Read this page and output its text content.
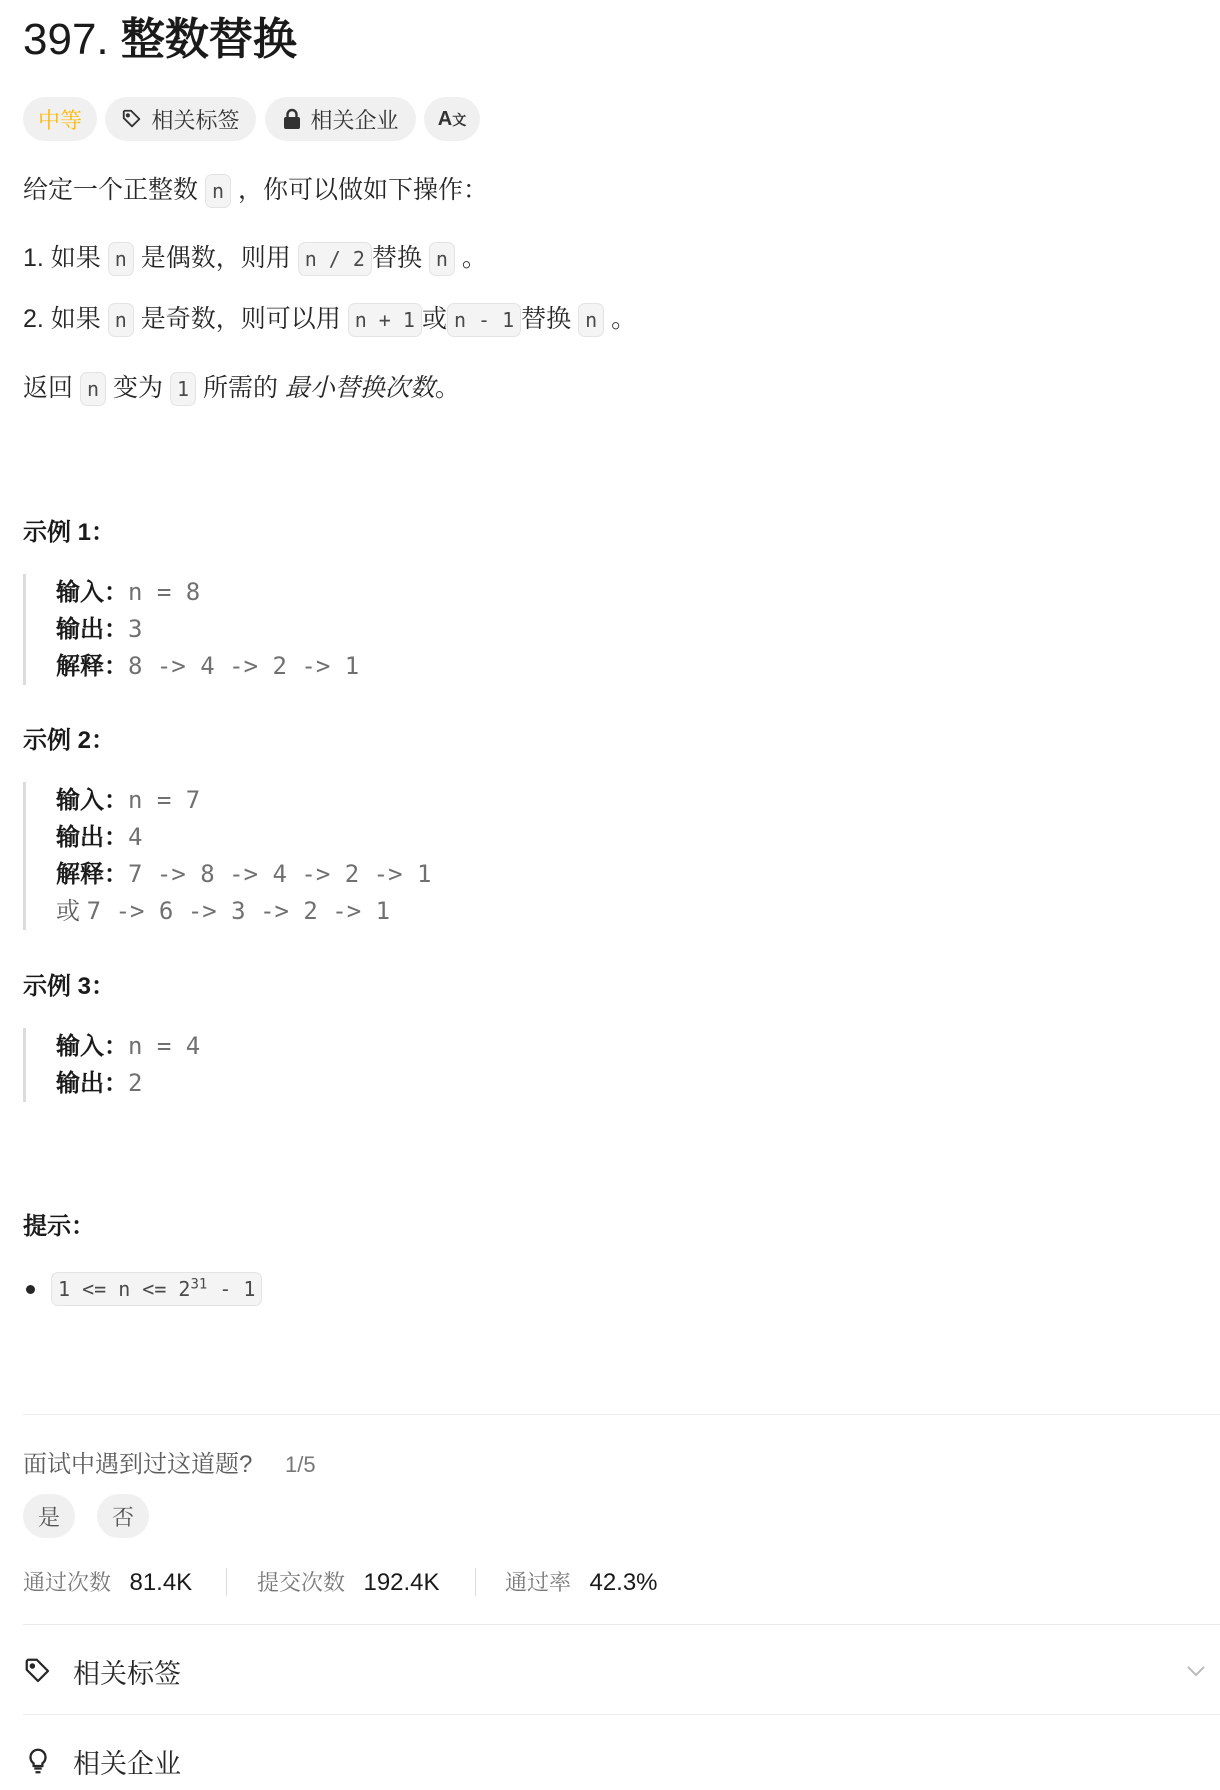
397. 整数替换
中等	相关标签	相关企业 A文
给定一个正整数 n ，你可以做如下操作：
1. 如果 n 是偶数，则用 n / 2 替换 n 。
2. 如果 n 是奇数，则可以用 n + 1 或 n - 1 替换 n 。
返回 n 变为 1 所需的 最小替换次数。
示例 1：
输入：n = 8
输出：3
解释：8 -> 4 -> 2 -> 1
示例 2：
输入：n = 7
输出：4
解释：7 -> 8 -> 4 -> 2 -> 1
或 7 -> 6 -> 3 -> 2 -> 1
示例 3：
输入：n = 4
输出：2
提示：
$1 <= n <= 2^{31} - 1$
面试中遇到过这道题? 1/5
是 否
通过次数 81.4K	提交次数 192.4K	通过率 42.3%
相关标签
相关企业
